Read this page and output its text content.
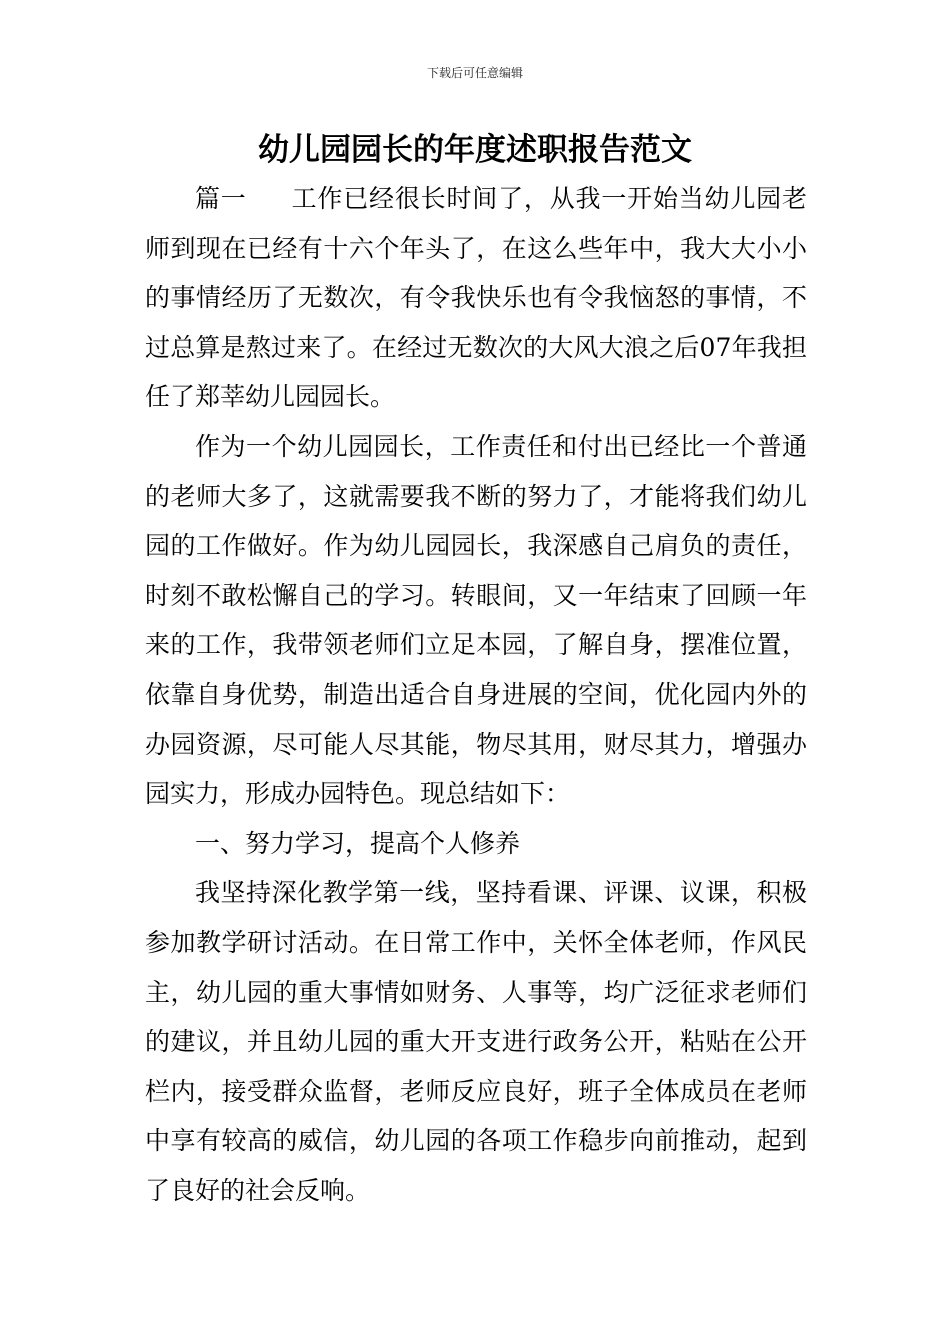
下载后可任意编辑
幼儿园园长的年度述职报告范文

篇一 工作已经很长时间了，从我一开始当幼儿园老师到现在已经有十六个年头了，在这么些年中，我大大小小的事情经历了无数次，有令我快乐也有令我恼怒的事情，不过总算是熬过来了。在经过无数次的大风大浪之后07年我担任了郑莘幼儿园园长。

作为一个幼儿园园长，工作责任和付出已经比一个普通的老师大多了，这就需要我不断的努力了，才能将我们幼儿园的工作做好。作为幼儿园园长，我深感自己肩负的责任，时刻不敢松懈自己的学习。转眼间，又一年结束了回顾一年来的工作，我带领老师们立足本园，了解自身，摆准位置，依靠自身优势，制造出适合自身进展的空间，优化园内外的办园资源，尽可能人尽其能，物尽其用，财尽其力，增强办园实力，形成办园特色。现总结如下：

一、努力学习，提高个人修养

我坚持深化教学第一线，坚持看课、评课、议课，积极参加教学研讨活动。在日常工作中，关怀全体老师，作风民主，幼儿园的重大事情如财务、人事等，均广泛征求老师们的建议，并且幼儿园的重大开支进行政务公开，粘贴在公开栏内，接受群众监督，老师反应良好，班子全体成员在老师中享有较高的威信，幼儿园的各项工作稳步向前推动，起到了良好的社会反响。
